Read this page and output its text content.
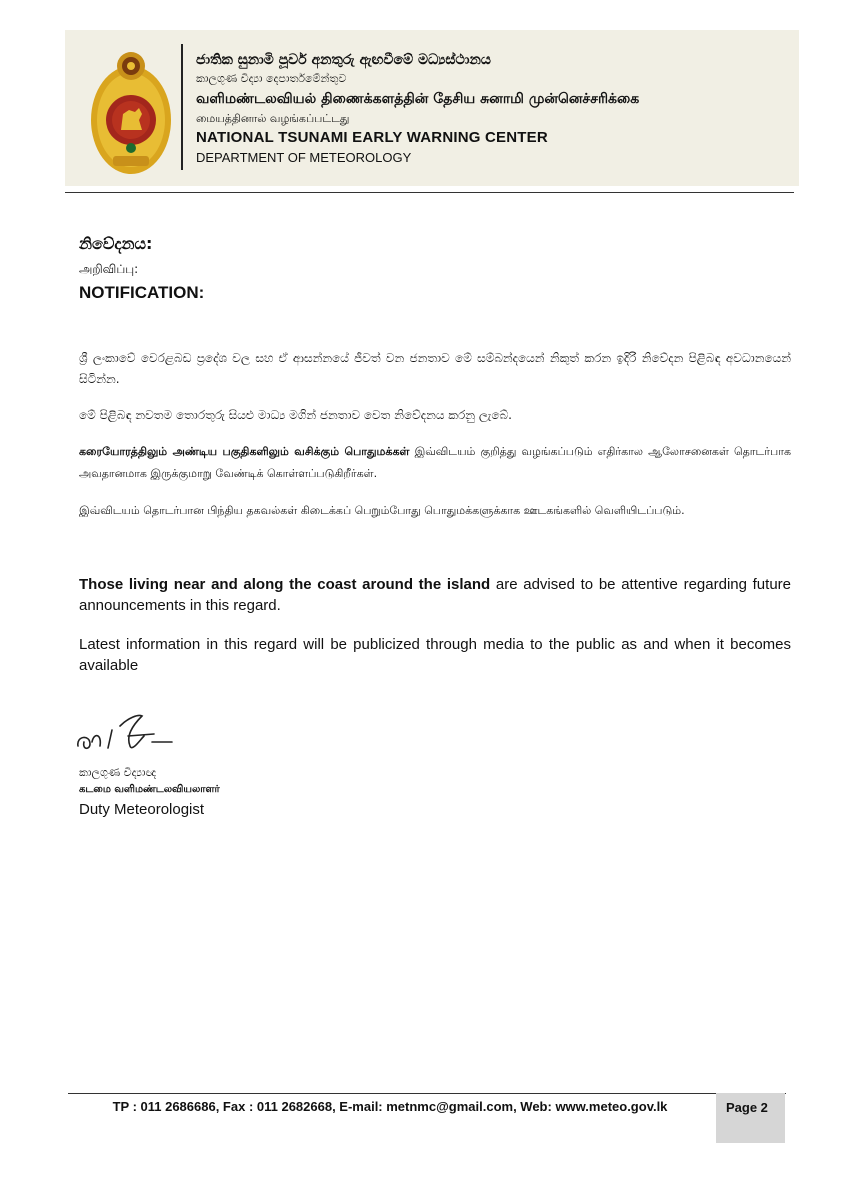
ජාතික සුනාමි පූර්ව අනතුරු ඇඟවීමේ මධ්‍යස්ථානය
කාලගුණ විද්‍යා දෙපාර්තමේන්තුව
வளிமண்டலவியல் திணைக்களத்தின் தேசிய சுனாமி முன்னெச்சரிக்கை
மையத்தினால் வழங்கப்பட்டது
NATIONAL TSUNAMI EARLY WARNING CENTER
DEPARTMENT OF METEOROLOGY
නිවේදනය:
அறிவிப்பு:
NOTIFICATION:

ශ්‍රී ලංකාවේ වෙරළබඩ ප්‍රදේශ වල සහ ඒ ආසන්නයේ ජීවත් වන ජනතාව මේ සම්බන්දයෙන් නිකුත් කරන ඉදිරි නිවේදන පිළිබඳ අවධානයෙන් සිටින්න.

මේ පිළිබඳ නවතම තොරතුරු සියළු මාධ්‍ය මගින් ජනතාව වෙත නිවේදනය කරනු ලැබේ.

கரையோரத்திலும் அண்டிய பகுதிகளிலும் வசிக்கும் பொதுமக்கள் இவ்விடயம் குறித்து வழங்கப்படும் எதிர்கால ஆலோசனைகள் தொடர்பாக அவதானமாக இருக்குமாறு வேண்டிக் கொள்ளப்படுகிறீர்கள்.

இவ்விடயம் தொடர்பான பிந்திய தகவல்கள் கிடைக்கப் பெறும்போது பொதுமக்களுக்காக ஊடகங்களில் வெளியிடப்படும்.

Those living near and along the coast around the island are advised to be attentive regarding future announcements in this regard.

Latest information in this regard will be publicized through media to the public as and when it becomes available

කාලගුණ විද්‍යාඥ
கடமை வளிமண்டலவியலாளர்
Duty Meteorologist
TP : 011 2686686, Fax : 011 2682668, E-mail: metnmc@gmail.com, Web: www.meteo.gov.lk	Page 2
